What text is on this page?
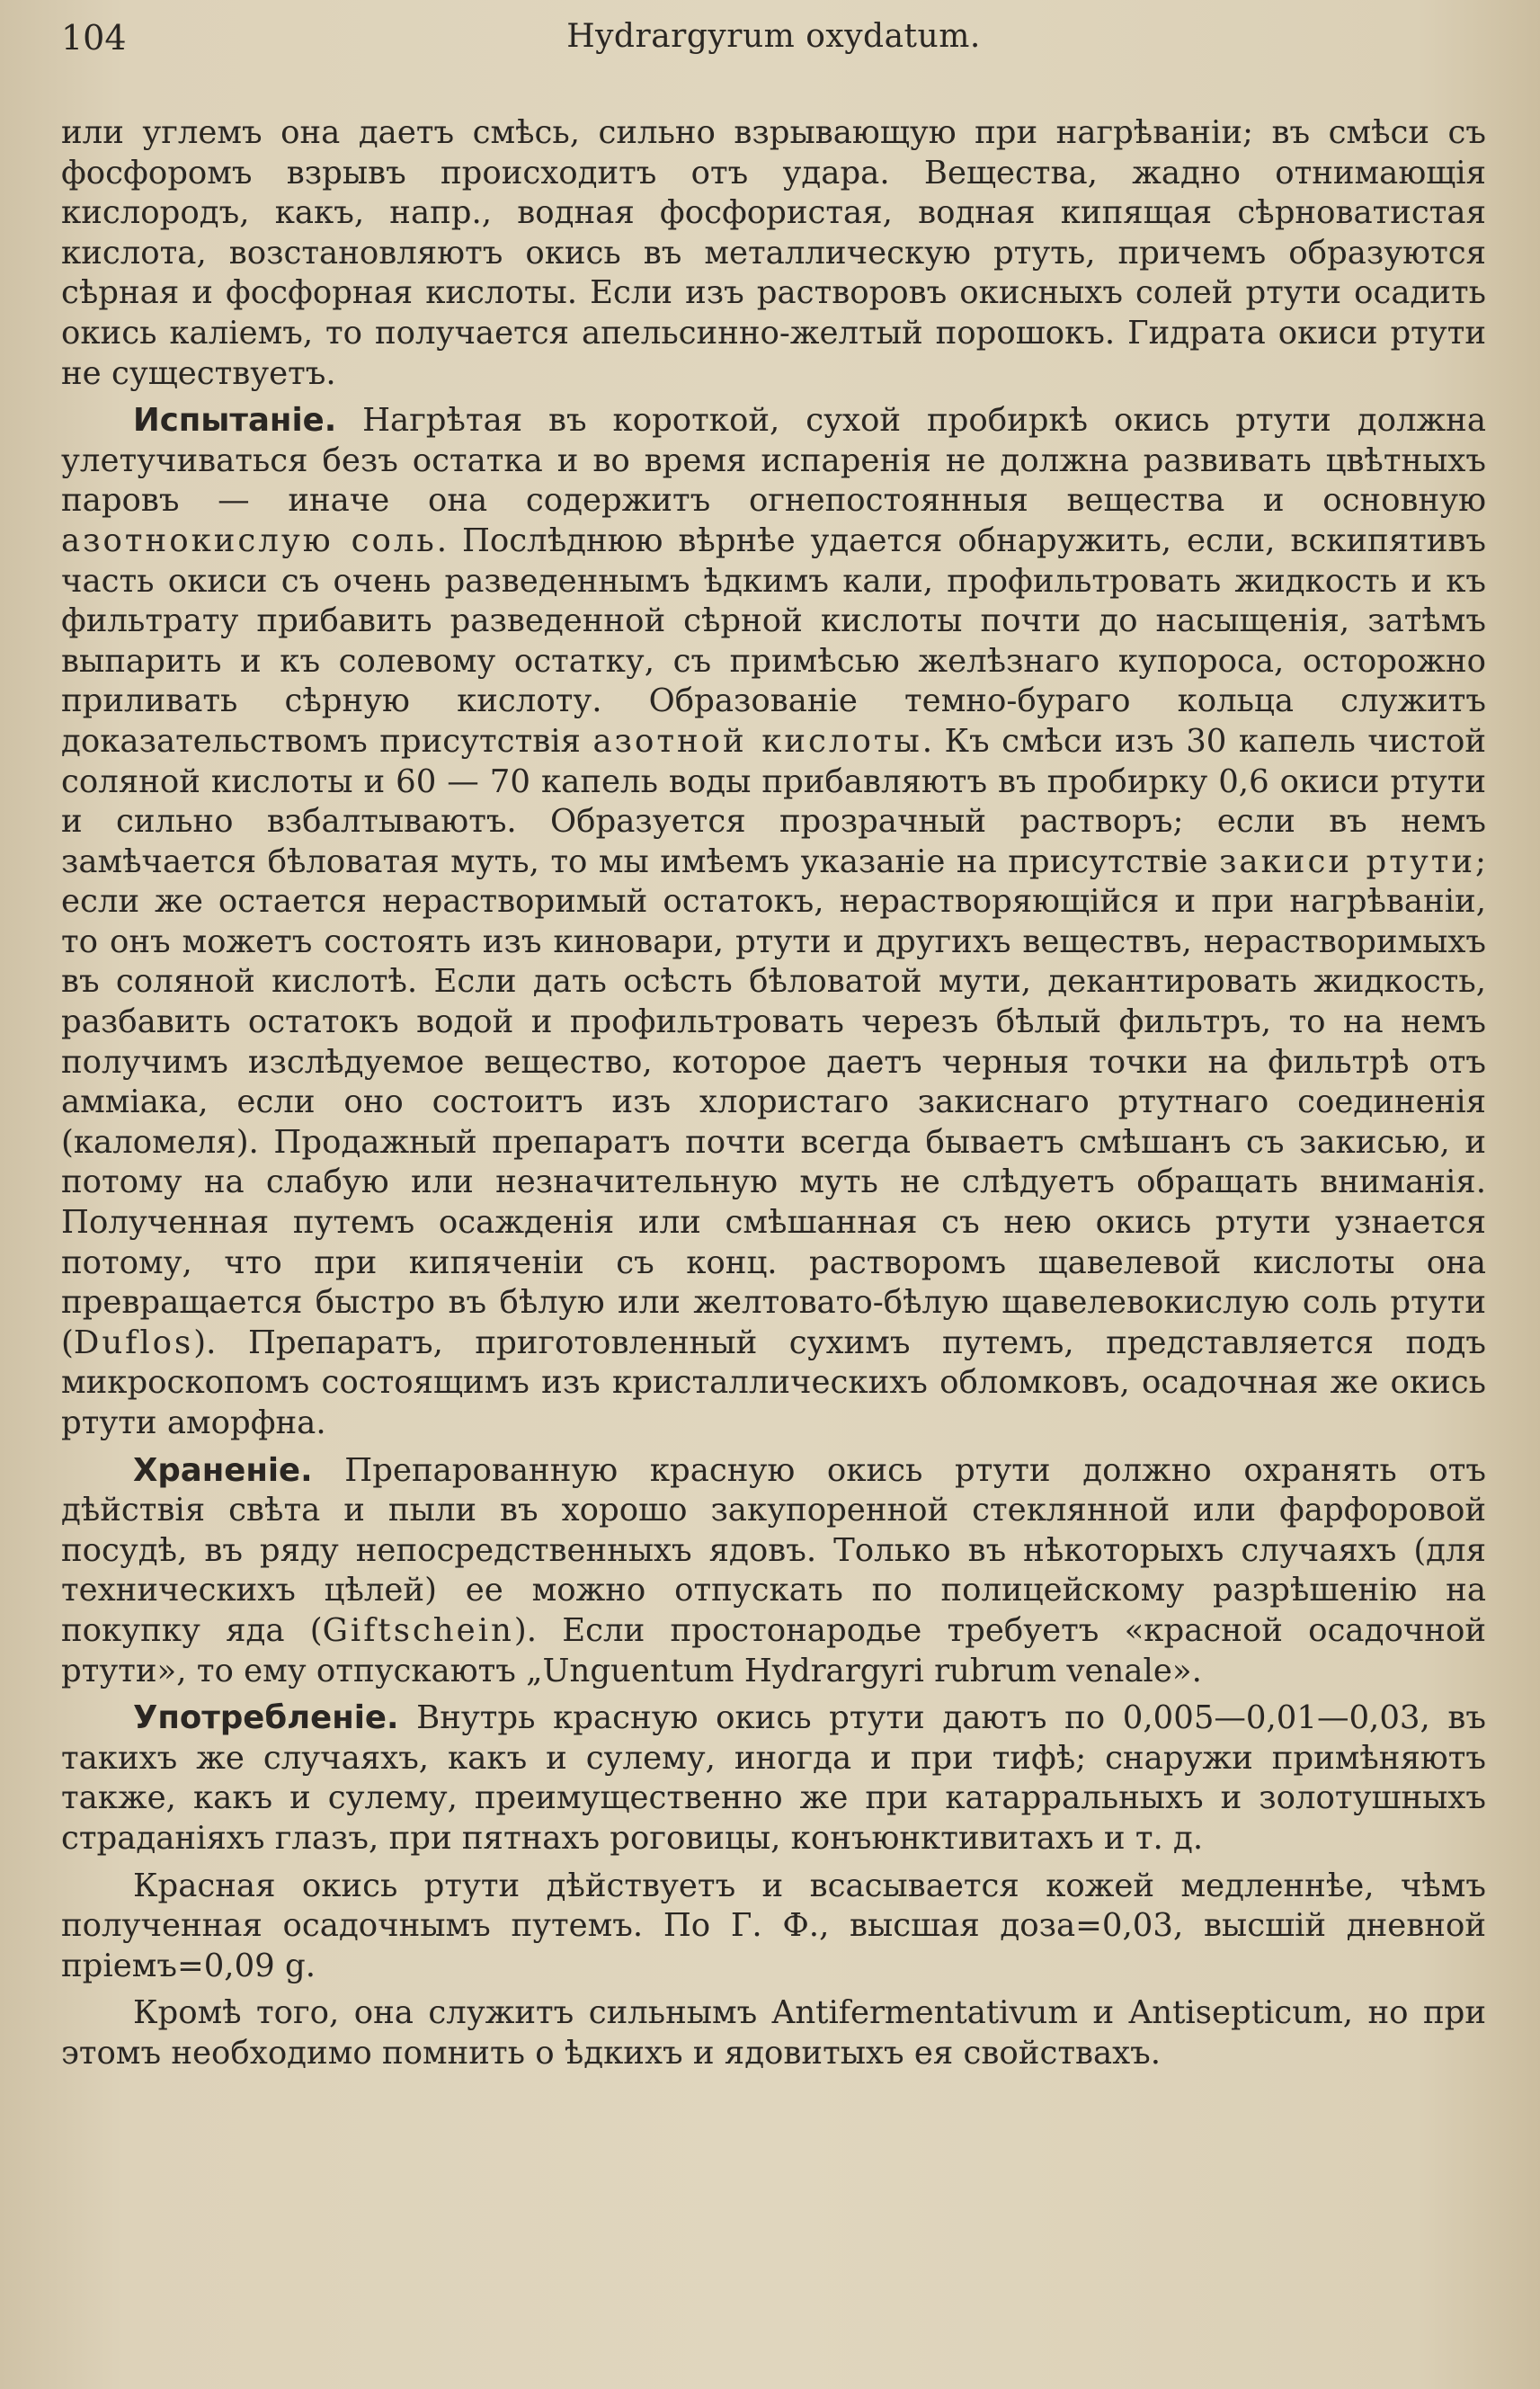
104	Hydrargyrum oxydatum.

или углемъ она даетъ смѣсь, сильно взрывающую при нагрѣваніи; въ смѣси съ фосфоромъ взрывъ происходитъ отъ удара. Вещества, жадно отнимающія кислородъ, какъ, напр., водная фосфористая, водная кипящая сѣрноватистая кислота, возстановляютъ окись въ металлическую ртуть, причемъ образуются сѣрная и фосфорная кислоты. Если изъ растворовъ окисныхъ солей ртути осадить окись каліемъ, то получается апельсинно-желтый порошокъ. Гидрата окиси ртути не существуетъ.

Испытаніе. Нагрѣтая въ короткой, сухой пробиркѣ окись ртути должна улетучиваться безъ остатка и во время испаренія не должна развивать цвѣтныхъ паровъ — иначе она содержитъ огнепостоянныя вещества и основную азотнокислую соль. Послѣднюю вѣрнѣе удается обнаружить, если, вскипятивъ часть окиси съ очень разведеннымъ ѣдкимъ кали, профильтровать жидкость и къ фильтрату прибавить разведенной сѣрной кислоты почти до насыщенія, затѣмъ выпарить и къ солевому остатку, съ примѣсью желѣзнаго купороса, осторожно приливать сѣрную кислоту. Образованіе темно-бураго кольца служитъ доказательствомъ присутствія азотной кислоты. Къ смѣси изъ 30 капель чистой соляной кислоты и 60 — 70 капель воды прибавляютъ въ пробирку 0,6 окиси ртути и сильно взбалтываютъ. Образуется прозрачный растворъ; если въ немъ замѣчается бѣловатая муть, то мы имѣемъ указаніе на присутствіе закиси ртути; если же остается нерастворимый остатокъ, нерастворяющійся и при нагрѣваніи, то онъ можетъ состоять изъ киновари, ртути и другихъ веществъ, нерастворимыхъ въ соляной кислотѣ. Если дать осѣсть бѣловатой мути, декантировать жидкость, разбавить остатокъ водой и профильтровать черезъ бѣлый фильтръ, то на немъ получимъ изслѣдуемое вещество, которое даетъ черныя точки на фильтрѣ отъ амміака, если оно состоитъ изъ хлористаго закиснаго ртутнаго соединенія (каломеля). Продажный препаратъ почти всегда бываетъ смѣшанъ съ закисью, и потому на слабую или незначительную муть не слѣдуетъ обращать вниманія. Полученная путемъ осажденія или смѣшанная съ нею окись ртути узнается потому, что при кипяченіи съ конц. растворомъ щавелевой кислоты она превращается быстро въ бѣлую или желтовато-бѣлую щавелевокислую соль ртути (Duflos). Препаратъ, приготовленный сухимъ путемъ, представляется подъ микроскопомъ состоящимъ изъ кристаллическихъ обломковъ, осадочная же окись ртути аморфна.

Храненіе. Препарованную красную окись ртути должно охранять отъ дѣйствія свѣта и пыли въ хорошо закупоренной стеклянной или фарфоровой посудѣ, въ ряду непосредственныхъ ядовъ. Только въ нѣкоторыхъ случаяхъ (для техническихъ цѣлей) ее можно отпускать по полицейскому разрѣшенію на покупку яда (Giftschein). Если простонародье требуетъ «красной осадочной ртути», то ему отпускаютъ „Unguentum Hydrargyri rubrum venale».

Употребленіе. Внутрь красную окись ртути даютъ по 0,005—0,01—0,03, въ такихъ же случаяхъ, какъ и сулему, иногда и при тифѣ; снаружи примѣняютъ также, какъ и сулему, преимущественно же при катарральныхъ и золотушныхъ страданіяхъ глазъ, при пятнахъ роговицы, конъюнктивитахъ и т. д.

Красная окись ртути дѣйствуетъ и всасывается кожей медленнѣе, чѣмъ полученная осадочнымъ путемъ. По Г. Ф., высшая доза=0,03, высшій дневной пріемъ=0,09 g.

Кромѣ того, она служитъ сильнымъ Antifermentativum и Antisepticum, но при этомъ необходимо помнить о ѣдкихъ и ядовитыхъ ея свойствахъ.
